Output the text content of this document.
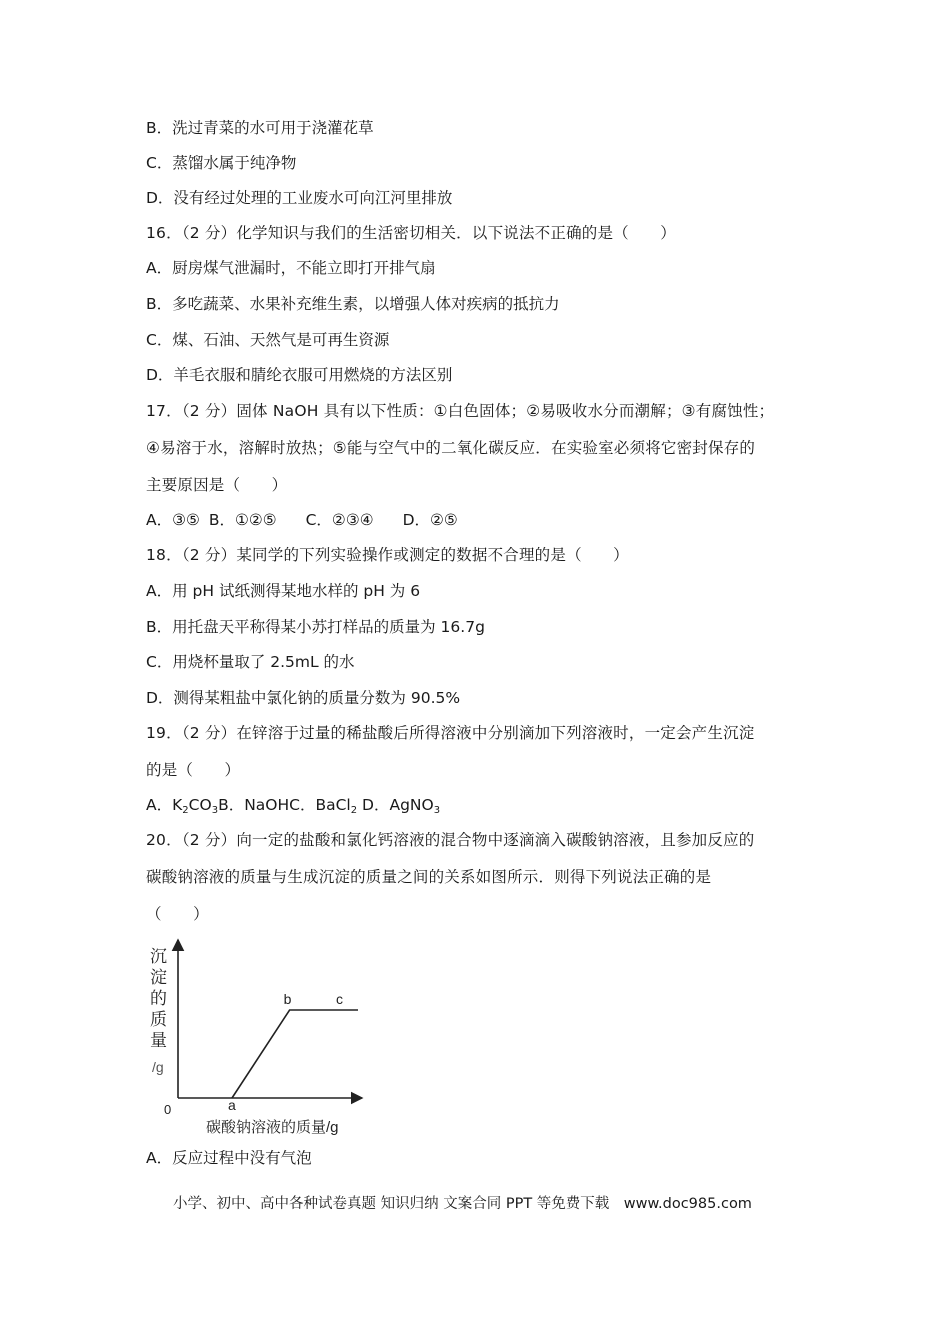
B．洗过青菜的水可用于浇灌花草
C．蒸馏水属于纯净物
D．没有经过处理的工业废水可向江河里排放
16．（2 分）化学知识与我们的生活密切相关．以下说法不正确的是（　　）
A．厨房煤气泄漏时，不能立即打开排气扇
B．多吃蔬菜、水果补充维生素，以增强人体对疾病的抵抗力
C．煤、石油、天然气是可再生资源
D．羊毛衣服和腈纶衣服可用燃烧的方法区别
17．（2 分）固体 NaOH 具有以下性质：①白色固体；②易吸收水分而潮解；③有腐蚀性；
④易溶于水，溶解时放热；⑤能与空气中的二氧化碳反应．在实验室必须将它密封保存的
主要原因是（　　）
A．③⑤ B．①②⑤ C．②③④ D．②⑤
18．（2 分）某同学的下列实验操作或测定的数据不合理的是（　　）
A．用 pH 试纸测得某地水样的 pH 为 6
B．用托盘天平称得某小苏打样品的质量为 16.7g
C．用烧杯量取了 2.5mL 的水
D．测得某粗盐中氯化钠的质量分数为 90.5%
19．（2 分）在锌溶于过量的稀盐酸后所得溶液中分别滴加下列溶液时，一定会产生沉淀
的是（　　）
A．$K_2CO_3B$．NaOHC．BaCl$_2$ D．AgNO$_3$
20．（2 分）向一定的盐酸和氯化钙溶液的混合物中逐滴滴入碳酸钠溶液，且参加反应的
碳酸钠溶液的质量与生成沉淀的质量之间的关系如图所示．则得下列说法正确的是
（　　）
沉
淀
的
质
量
/g
0
碳酸钠溶液的质量/g
a
b	c
A．反应过程中没有气泡
小学、初中、高中各种试卷真题 知识归纳 文案合同 PPT 等免费下载　www.doc985.com
